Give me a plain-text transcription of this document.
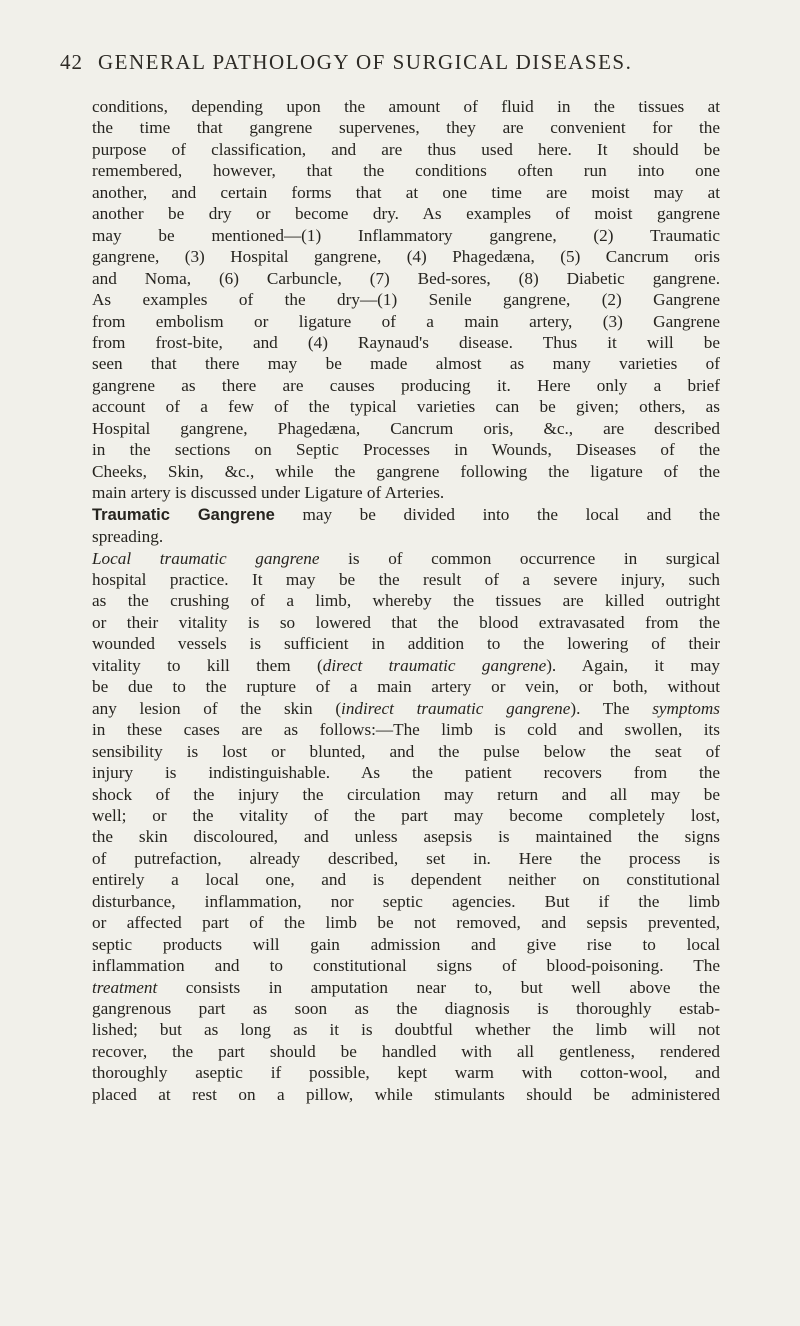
42 GENERAL PATHOLOGY OF SURGICAL DISEASES.
conditions, depending upon the amount of fluid in the tissues at
the time that gangrene supervenes, they are convenient for the
purpose of classification, and are thus used here. It should be
remembered, however, that the conditions often run into one
another, and certain forms that at one time are moist may at
another be dry or become dry. As examples of moist gangrene
may be mentioned—(1) Inflammatory gangrene, (2) Traumatic
gangrene, (3) Hospital gangrene, (4) Phagedæna, (5) Cancrum oris
and Noma, (6) Carbuncle, (7) Bed-sores, (8) Diabetic gangrene.
As examples of the dry—(1) Senile gangrene, (2) Gangrene
from embolism or ligature of a main artery, (3) Gangrene
from frost-bite, and (4) Raynaud's disease. Thus it will be
seen that there may be made almost as many varieties of
gangrene as there are causes producing it. Here only a brief
account of a few of the typical varieties can be given; others, as
Hospital gangrene, Phagedæna, Cancrum oris, &c., are described
in the sections on Septic Processes in Wounds, Diseases of the
Cheeks, Skin, &c., while the gangrene following the ligature of the
main artery is discussed under Ligature of Arteries.
Traumatic Gangrene may be divided into the local and the
spreading.
Local traumatic gangrene is of common occurrence in surgical
hospital practice. It may be the result of a severe injury, such
as the crushing of a limb, whereby the tissues are killed outright
or their vitality is so lowered that the blood extravasated from the
wounded vessels is sufficient in addition to the lowering of their
vitality to kill them (direct traumatic gangrene). Again, it may
be due to the rupture of a main artery or vein, or both, without
any lesion of the skin (indirect traumatic gangrene). The symptoms
in these cases are as follows:—The limb is cold and swollen, its
sensibility is lost or blunted, and the pulse below the seat of
injury is indistinguishable. As the patient recovers from the
shock of the injury the circulation may return and all may be
well; or the vitality of the part may become completely lost,
the skin discoloured, and unless asepsis is maintained the signs
of putrefaction, already described, set in. Here the process is
entirely a local one, and is dependent neither on constitutional
disturbance, inflammation, nor septic agencies. But if the limb
or affected part of the limb be not removed, and sepsis prevented,
septic products will gain admission and give rise to local
inflammation and to constitutional signs of blood-poisoning. The
treatment consists in amputation near to, but well above the
gangrenous part as soon as the diagnosis is thoroughly estab-
lished; but as long as it is doubtful whether the limb will not
recover, the part should be handled with all gentleness, rendered
thoroughly aseptic if possible, kept warm with cotton-wool, and
placed at rest on a pillow, while stimulants should be administered
